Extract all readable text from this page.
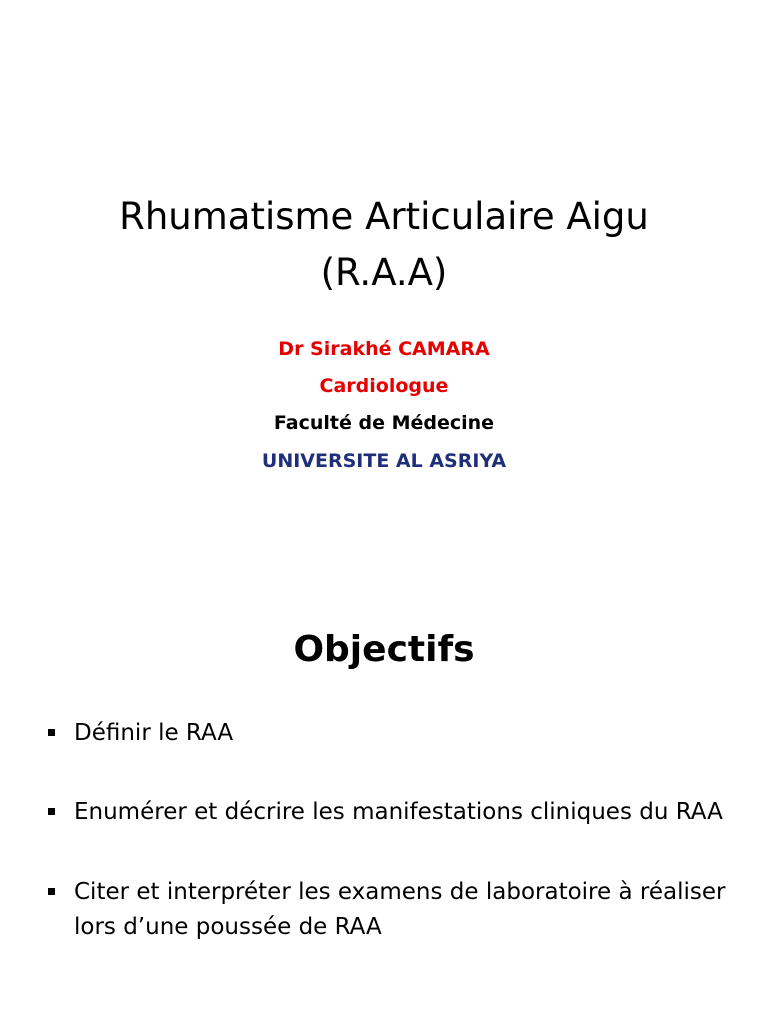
Rhumatisme Articulaire Aigu
(R.A.A)
Dr Sirakhé CAMARA
Cardiologue
Faculté de Médecine
UNIVERSITE AL ASRIYA
Objectifs
Définir le RAA
Enumérer et décrire les manifestations cliniques du RAA
Citer et interpréter les examens de laboratoire à réaliser lors d’une poussée de RAA
